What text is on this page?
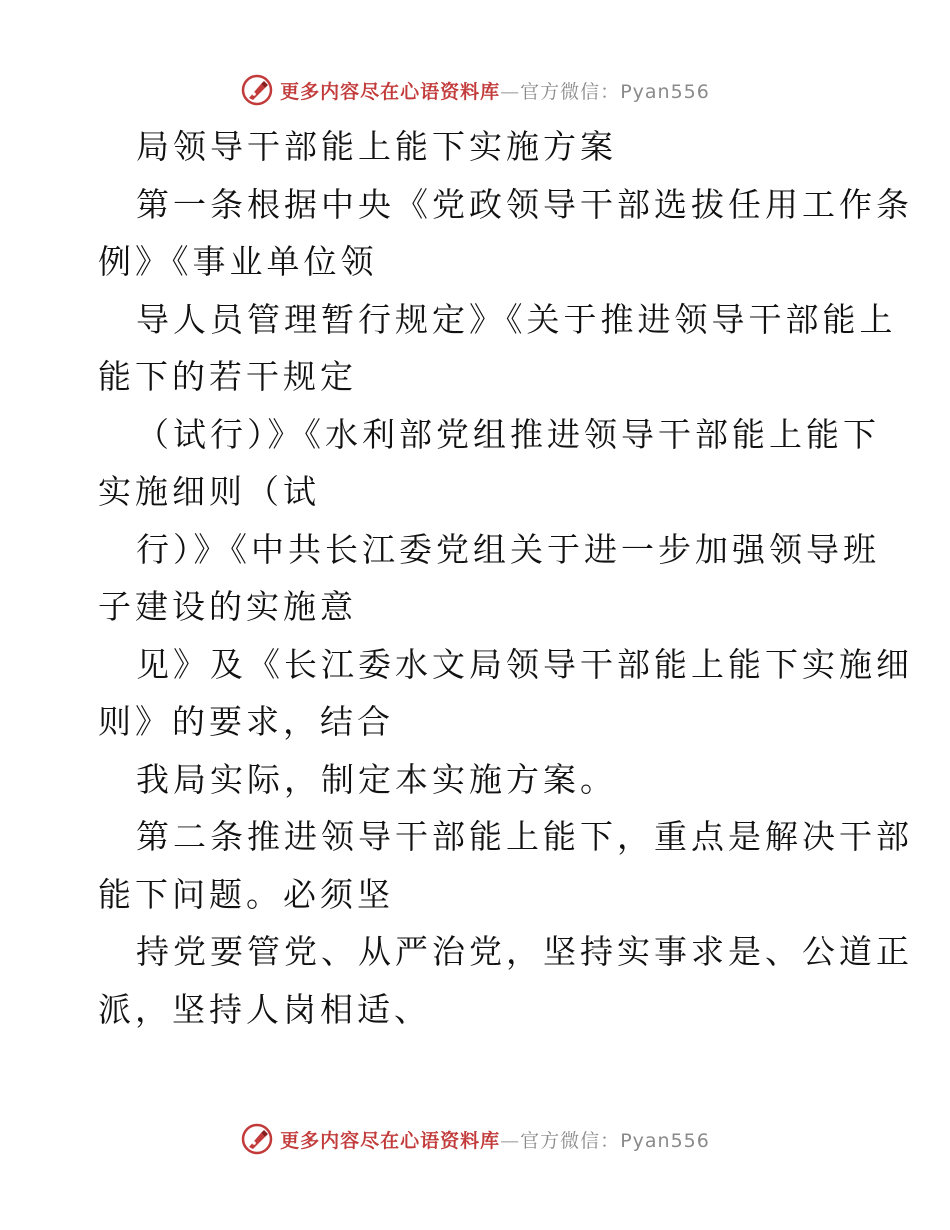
更多内容尽在心语资料库—官方微信：Pyan556
局领导干部能上能下实施方案
第一条根据中央《党政领导干部选拔任用工作条
例》《事业单位领
导人员管理暂行规定》《关于推进领导干部能上
能下的若干规定
（试行）》《水利部党组推进领导干部能上能下
实施细则（试
行）》《中共长江委党组关于进一步加强领导班
子建设的实施意
见》及《长江委水文局领导干部能上能下实施细
则》的要求，结合
我局实际，制定本实施方案。
第二条推进领导干部能上能下，重点是解决干部
能下问题。必须坚
持党要管党、从严治党，坚持实事求是、公道正
派，坚持人岗相适、
更多内容尽在心语资料库—官方微信：Pyan556
